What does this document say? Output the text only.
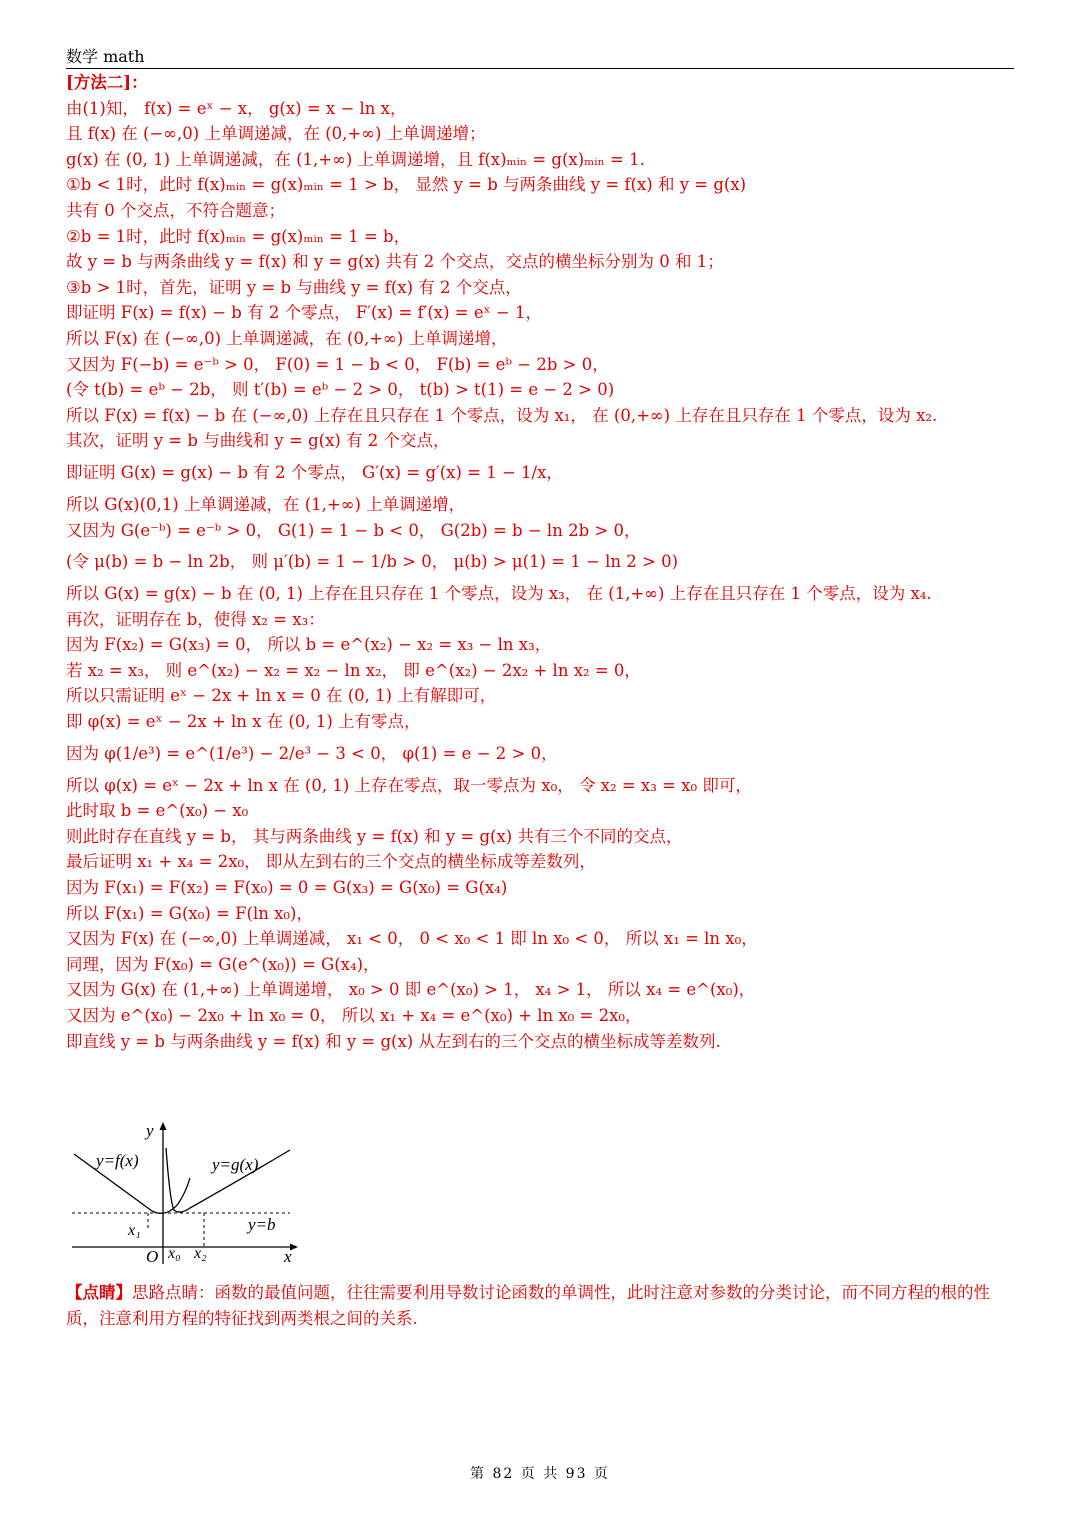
数学 math
[方法二]：
由(1)知， f(x) = eˣ − x， g(x) = x − ln x，
且 f(x) 在 (−∞,0) 上单调递减，在 (0,+∞) 上单调递增；
g(x) 在 (0, 1) 上单调递减，在 (1,+∞) 上单调递增，且 f(x)ₘᵢₙ = g(x)ₘᵢₙ = 1.
①b < 1时，此时 f(x)ₘᵢₙ = g(x)ₘᵢₙ = 1 > b， 显然 y = b 与两条曲线 y = f(x) 和 y = g(x)
共有 0 个交点，不符合题意；
②b = 1时，此时 f(x)ₘᵢₙ = g(x)ₘᵢₙ = 1 = b，
故 y = b 与两条曲线 y = f(x) 和 y = g(x) 共有 2 个交点，交点的横坐标分别为 0 和 1；
③b > 1时，首先，证明 y = b 与曲线 y = f(x) 有 2 个交点，
即证明 F(x) = f(x) − b 有 2 个零点， F′(x) = f′(x) = eˣ − 1，
所以 F(x) 在 (−∞,0) 上单调递减，在 (0,+∞) 上单调递增，
又因为 F(−b) = e⁻ᵇ > 0， F(0) = 1 − b < 0， F(b) = eᵇ − 2b > 0，
(令 t(b) = eᵇ − 2b， 则 t′(b) = eᵇ − 2 > 0， t(b) > t(1) = e − 2 > 0)
所以 F(x) = f(x) − b 在 (−∞,0) 上存在且只存在 1 个零点，设为 x₁， 在 (0,+∞) 上存在且只存在 1 个零点，设为 x₂.
其次，证明 y = b 与曲线和 y = g(x) 有 2 个交点，
即证明 G(x) = g(x) − b 有 2 个零点， G′(x) = g′(x) = 1 − 1/x，
所以 G(x)(0,1) 上单调递减，在 (1,+∞) 上单调递增，
又因为 G(e⁻ᵇ) = e⁻ᵇ > 0， G(1) = 1 − b < 0， G(2b) = b − ln 2b > 0，
(令 μ(b) = b − ln 2b， 则 μ′(b) = 1 − 1/b > 0， μ(b) > μ(1) = 1 − ln 2 > 0)
所以 G(x) = g(x) − b 在 (0, 1) 上存在且只存在 1 个零点，设为 x₃， 在 (1,+∞) 上存在且只存在 1 个零点，设为 x₄.
再次，证明存在 b，使得 x₂ = x₃：
因为 F(x₂) = G(x₃) = 0， 所以 b = e^(x₂) − x₂ = x₃ − ln x₃，
若 x₂ = x₃， 则 e^(x₂) − x₂ = x₂ − ln x₂， 即 e^(x₂) − 2x₂ + ln x₂ = 0，
所以只需证明 eˣ − 2x + ln x = 0 在 (0, 1) 上有解即可，
即 φ(x) = eˣ − 2x + ln x 在 (0, 1) 上有零点，
因为 φ(1/e³) = e^(1/e³) − 2/e³ − 3 < 0， φ(1) = e − 2 > 0，
所以 φ(x) = eˣ − 2x + ln x 在 (0, 1) 上存在零点，取一零点为 x₀， 令 x₂ = x₃ = x₀ 即可，
此时取 b = e^(x₀) − x₀
则此时存在直线 y = b， 其与两条曲线 y = f(x) 和 y = g(x) 共有三个不同的交点，
最后证明 x₁ + x₄ = 2x₀， 即从左到右的三个交点的横坐标成等差数列，
因为 F(x₁) = F(x₂) = F(x₀) = 0 = G(x₃) = G(x₀) = G(x₄)
所以 F(x₁) = G(x₀) = F(ln x₀)，
又因为 F(x) 在 (−∞,0) 上单调递减， x₁ < 0， 0 < x₀ < 1 即 ln x₀ < 0， 所以 x₁ = ln x₀，
同理，因为 F(x₀) = G(e^(x₀)) = G(x₄)，
又因为 G(x) 在 (1,+∞) 上单调递增， x₀ > 0 即 e^(x₀) > 1， x₄ > 1， 所以 x₄ = e^(x₀)，
又因为 e^(x₀) − 2x₀ + ln x₀ = 0， 所以 x₁ + x₄ = e^(x₀) + ln x₀ = 2x₀，
即直线 y = b 与两条曲线 y = f(x) 和 y = g(x) 从左到右的三个交点的横坐标成等差数列.
y
y=f(x)	y=g(x)
y=b
x₁
O x₀ x₂	x
【点睛】思路点睛：函数的最值问题，往往需要利用导数讨论函数的单调性，此时注意对参数的分类讨论，而不同方程的根的性质，注意利用方程的特征找到两类根之间的关系.
第 82 页 共 93 页
